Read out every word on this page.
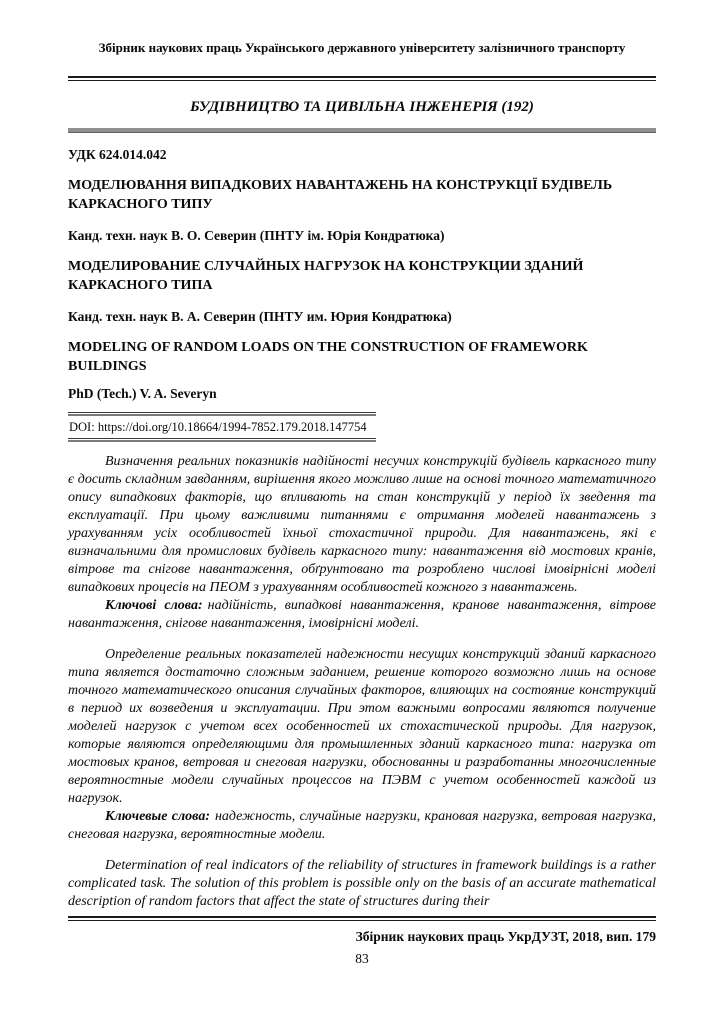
Збірник наукових праць Українського державного університету залізничного транспорту
БУДІВНИЦТВО ТА ЦИВІЛЬНА ІНЖЕНЕРІЯ (192)
УДК 624.014.042
МОДЕЛЮВАННЯ ВИПАДКОВИХ НАВАНТАЖЕНЬ НА КОНСТРУКЦІЇ БУДІВЕЛЬ КАРКАСНОГО ТИПУ
Канд. техн. наук В. О. Северин (ПНТУ ім. Юрія Кондратюка)
МОДЕЛИРОВАНИЕ СЛУЧАЙНЫХ НАГРУЗОК НА КОНСТРУКЦИИ ЗДАНИЙ КАРКАСНОГО ТИПА
Канд. техн. наук В. А. Северин (ПНТУ им. Юрия Кондратюка)
MODELING OF RANDOM LOADS ON THE CONSTRUCTION OF FRAMEWORK BUILDINGS
PhD (Tech.) V. A. Severyn
DOI: https://doi.org/10.18664/1994-7852.179.2018.147754

Визначення реальних показників надійності несучих конструкцій будівель каркасного типу є досить складним завданням, вирішення якого можливо лише на основі точного математичного опису випадкових факторів, що впливають на стан конструкцій у період їх зведення та експлуатації. При цьому важливими питаннями є отримання моделей навантажень з урахуванням усіх особливостей їхньої стохастичної природи. Для навантажень, які є визначальними для промислових будівель каркасного типу: навантаження від мостових кранів, вітрове та снігове навантаження, обґрунтовано та розроблено числові імовірнісні моделі випадкових процесів на ПЕОМ з урахуванням особливостей кожного з навантажень.

Ключові слова: надійність, випадкові навантаження, кранове навантаження, вітрове навантаження, снігове навантаження, імовірнісні моделі.

Определение реальных показателей надежности несущих конструкций зданий каркасного типа является достаточно сложным заданием, решение которого возможно лишь на основе точного математического описания случайных факторов, влияющих на состояние конструкций в период их возведения и эксплуатации. При этом важными вопросами являются получение моделей нагрузок с учетом всех особенностей их стохастической природы. Для нагрузок, которые являются определяющими для промышленных зданий каркасного типа: нагрузка от мостовых кранов, ветровая и снеговая нагрузки, обоснованны и разработанны многочисленные вероятностные модели случайных процессов на ПЭВМ с учетом особенностей каждой из нагрузок.

Ключевые слова: надежность, случайные нагрузки, крановая нагрузка, ветровая нагрузка, снеговая нагрузка, вероятностные модели.

Determination of real indicators of the reliability of structures in framework buildings is a rather complicated task. The solution of this problem is possible only on the basis of an accurate mathematical description of random factors that affect the state of structures during their

Збірник наукових праць УкрДУЗТ, 2018, вип. 179
83
